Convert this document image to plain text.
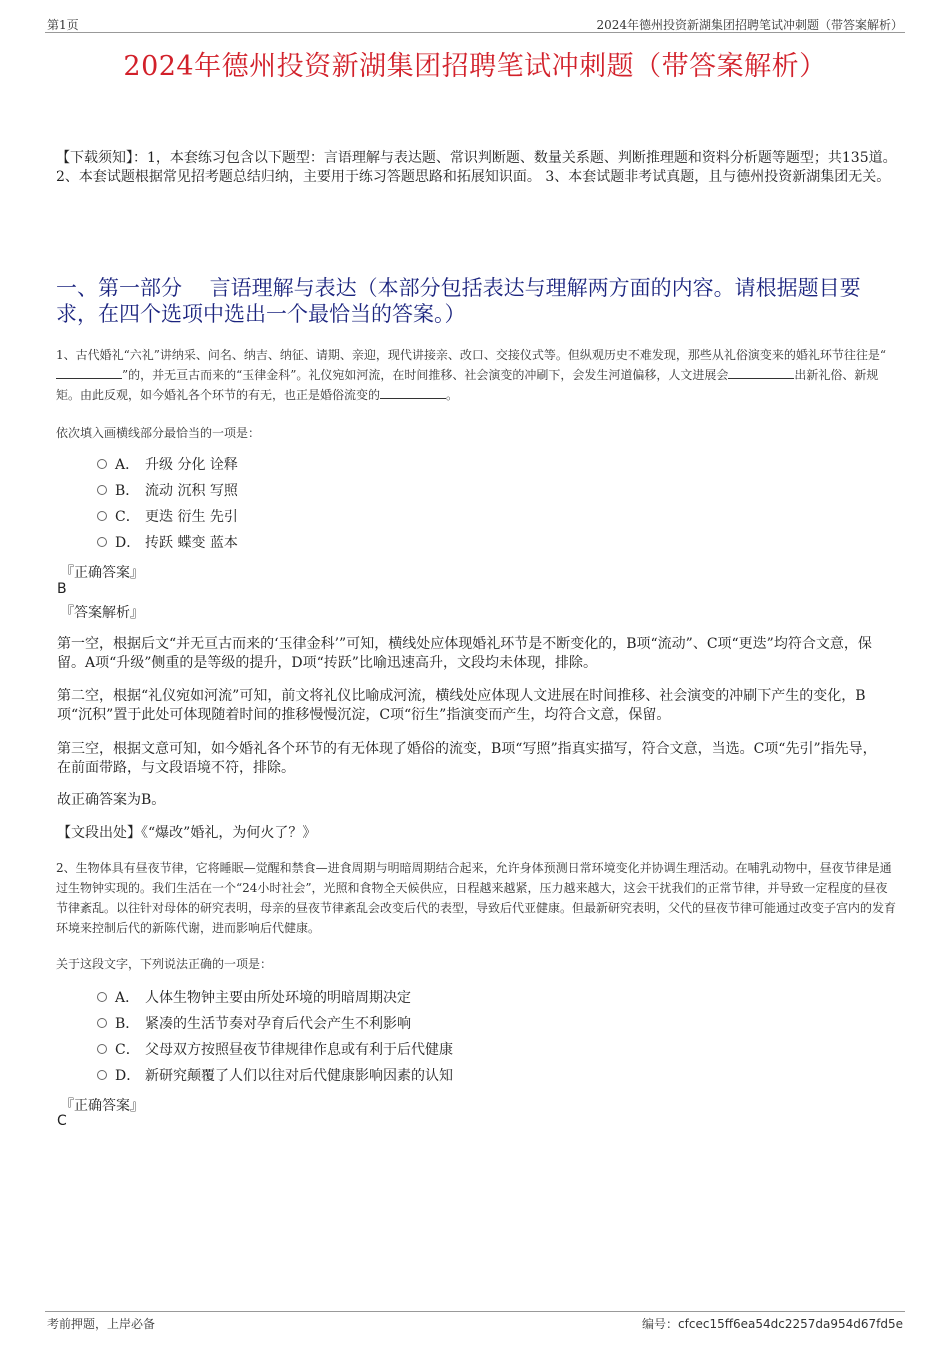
第1页	2024年德州投资新湖集团招聘笔试冲刺题（带答案解析）
2024年德州投资新湖集团招聘笔试冲刺题（带答案解析）
【下载须知】：1，本套练习包含以下题型：言语理解与表达题、常识判断题、数量关系题、判断推理题和资料分析题等题型；共135道。 2、本套试题根据常见招考题总结归纳，主要用于练习答题思路和拓展知识面。 3、本套试题非考试真题，且与德州投资新湖集团无关。
一、第一部分　 言语理解与表达（本部分包括表达与理解两方面的内容。请根据题目要求，在四个选项中选出一个最恰当的答案。）
1、古代婚礼“六礼”讲纳采、问名、纳吉、纳征、请期、亲迎，现代讲接亲、改口、交接仪式等。但纵观历史不难发现，那些从礼俗演变来的婚礼环节往往是“”的，并无亘古而来的“玉律金科”。礼仪宛如河流，在时间推移、社会演变的冲刷下，会发生河道偏移，人文进展会	出新礼俗、新规矩。由此反观，如今婚礼各个环节的有无，也正是婚俗流变的	。
依次填入画横线部分最恰当的一项是：
A． 升级 分化 诠释
B． 流动 沉积 写照
C． 更迭 衍生 先引
D． 抟跃 蝶变 蓝本
『正确答案』
B
『答案解析』
第一空，根据后文“并无亘古而来的‘玉律金科’”可知，横线处应体现婚礼环节是不断变化的，B项“流动”、C项“更迭”均符合文意，保留。A项“升级”侧重的是等级的提升，D项“抟跃”比喻迅速高升，文段均未体现，排除。
第二空，根据“礼仪宛如河流”可知，前文将礼仪比喻成河流，横线处应体现人文进展在时间推移、社会演变的冲刷下产生的变化，B项“沉积”置于此处可体现随着时间的推移慢慢沉淀，C项“衍生”指演变而产生，均符合文意，保留。
第三空，根据文意可知，如今婚礼各个环节的有无体现了婚俗的流变，B项“写照”指真实描写，符合文意，当选。C项“先引”指先导，在前面带路，与文段语境不符，排除。
故正确答案为B。
【文段出处】《“爆改”婚礼，为何火了？》
2、生物体具有昼夜节律，它将睡眠—觉醒和禁食—进食周期与明暗周期结合起来，允许身体预测日常环境变化并协调生理活动。在哺乳动物中，昼夜节律是通过生物钟实现的。我们生活在一个“24小时社会”，光照和食物全天候供应，日程越来越紧，压力越来越大，这会干扰我们的正常节律，并导致一定程度的昼夜节律紊乱。以往针对母体的研究表明，母亲的昼夜节律紊乱会改变后代的表型，导致后代亚健康。但最新研究表明，父代的昼夜节律可能通过改变子宫内的发育环境来控制后代的新陈代谢，进而影响后代健康。
关于这段文字，下列说法正确的一项是：
A． 人体生物钟主要由所处环境的明暗周期决定
B． 紧凑的生活节奏对孕育后代会产生不利影响
C． 父母双方按照昼夜节律规律作息或有利于后代健康
D． 新研究颠覆了人们以往对后代健康影响因素的认知
『正确答案』
C
考前押题，上岸必备	编号：cfcec15ff6ea54dc2257da954d67fd5e
